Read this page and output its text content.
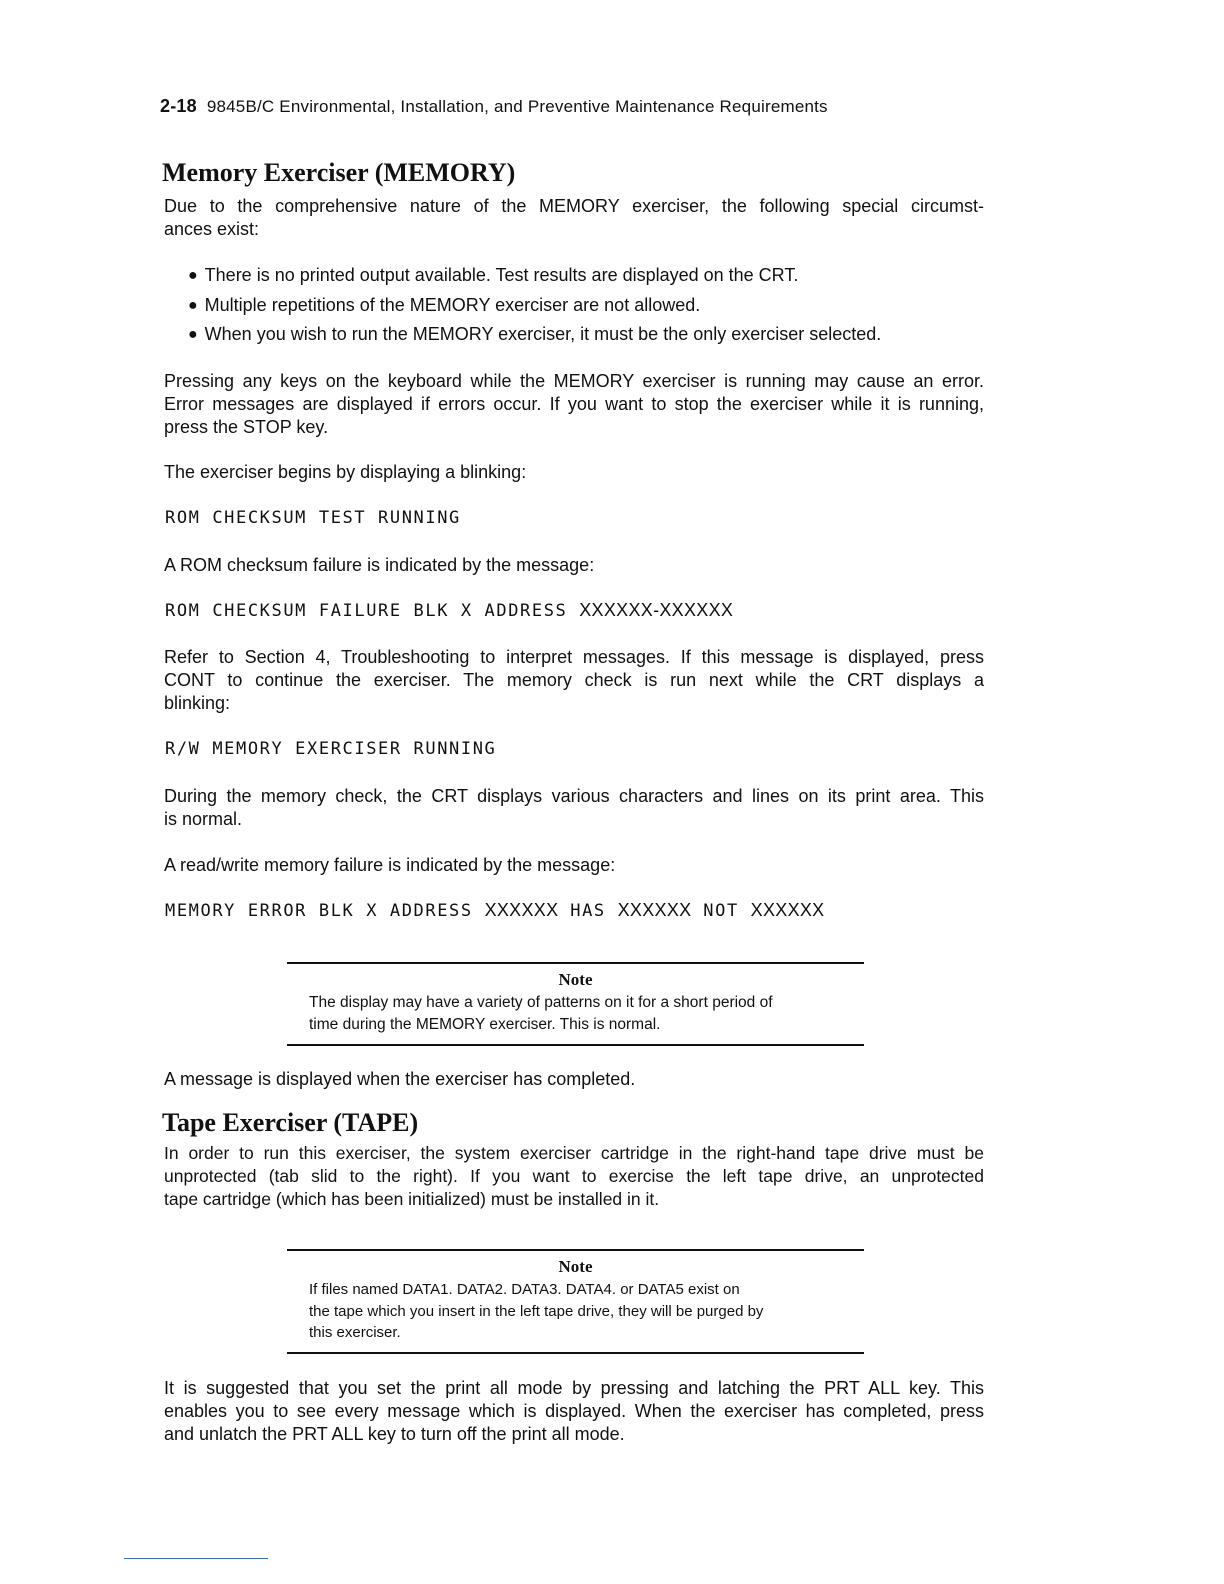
2-18 9845B/C Environmental, Installation, and Preventive Maintenance Requirements
Memory Exerciser (MEMORY)

Due to the comprehensive nature of the MEMORY exerciser, the following special circumst-
ances exist:

● There is no printed output available. Test results are displayed on the CRT.
● Multiple repetitions of the MEMORY exerciser are not allowed.
● When you wish to run the MEMORY exerciser, it must be the only exerciser selected.

Pressing any keys on the keyboard while the MEMORY exerciser is running may cause an error.
Error messages are displayed if errors occur. If you want to stop the exerciser while it is running,
press the STOP key.

The exerciser begins by displaying a blinking:

ROM CHECKSUM TEST RUNNING

A ROM checksum failure is indicated by the message:

ROM CHECKSUM FAILURE BLK X ADDRESS XXXXXX-XXXXXX

Refer to Section 4, Troubleshooting to interpret messages. If this message is displayed, press
CONT to continue the exerciser. The memory check is run next while the CRT displays a
blinking:

R/W MEMORY EXERCISER RUNNING

During the memory check, the CRT displays various characters and lines on its print area. This
is normal.

A read/write memory failure is indicated by the message:

MEMORY ERROR BLK X ADDRESS XXXXXX HAS XXXXXX NOT XXXXXX
Note
The display may have a variety of patterns on it for a short period of
time during the MEMORY exerciser. This is normal.

A message is displayed when the exerciser has completed.

Tape Exerciser (TAPE)

In order to run this exerciser, the system exerciser cartridge in the right-hand tape drive must be
unprotected (tab slid to the right). If you want to exercise the left tape drive, an unprotected
tape cartridge (which has been initialized) must be installed in it.

Note
If files named DATA1. DATA2. DATA3. DATA4. or DATA5 exist on
the tape which you insert in the left tape drive, they will be purged by
this exerciser.

It is suggested that you set the print all mode by pressing and latching the PRT ALL key. This
enables you to see every message which is displayed. When the exerciser has completed, press
and unlatch the PRT ALL key to turn off the print all mode.
